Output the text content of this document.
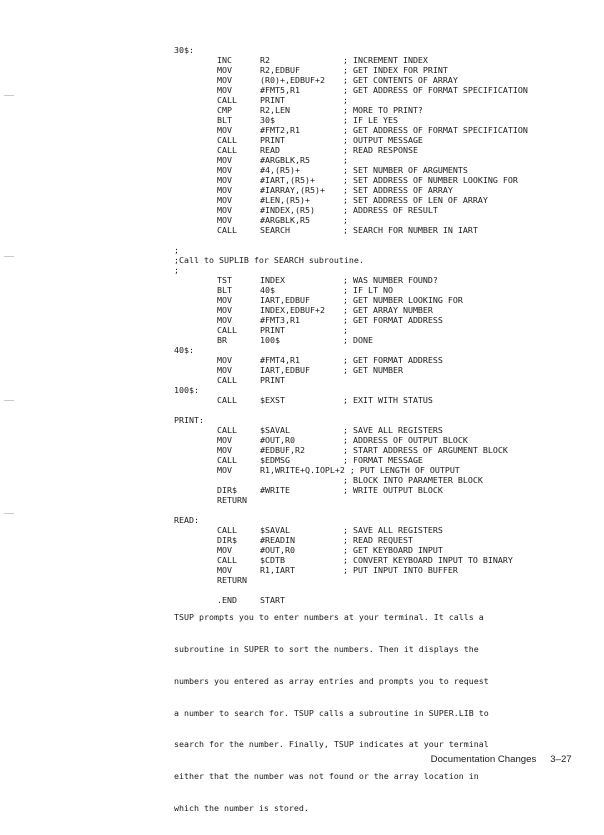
30$:
INC	R2	; INCREMENT INDEX
MOV	R2,EDBUF	; GET INDEX FOR PRINT
MOV	(R0)+,EDBUF+2 ; GET CONTENTS OF ARRAY
MOV	#FMT5,R1	; GET ADDRESS OF FORMAT SPECIFICATION
CALL	PRINT	;
CMP	R2,LEN	; MORE TO PRINT?
BLT	30$	; IF LE YES
MOV	#FMT2,R1	; GET ADDRESS OF FORMAT SPECIFICATION
CALL	PRINT	; OUTPUT MESSAGE
CALL	READ	; READ RESPONSE
MOV	#ARGBLK,R5	;
MOV	#4,(R5)+	; SET NUMBER OF ARGUMENTS
MOV	#IART,(R5)+	; SET ADDRESS OF NUMBER LOOKING FOR
MOV	#IARRAY,(R5)+ ; SET ADDRESS OF ARRAY
MOV	#LEN,(R5)+	; SET ADDRESS OF LEN OF ARRAY
MOV	#INDEX,(R5)	; ADDRESS OF RESULT
MOV	#ARGBLK,R5	;
CALL	SEARCH	; SEARCH FOR NUMBER IN IART
;
;Call to SUPLIB for SEARCH subroutine.
;
TST	INDEX	; WAS NUMBER FOUND?
BLT	40$	; IF LT NO
MOV	IART,EDBUF	; GET NUMBER LOOKING FOR
MOV	INDEX,EDBUF+2 ; GET ARRAY NUMBER
MOV	#FMT3,R1	; GET FORMAT ADDRESS
CALL	PRINT	;
BR	100$	; DONE
40$:
MOV	#FMT4,R1	; GET FORMAT ADDRESS
MOV	IART,EDBUF	; GET NUMBER
CALL	PRINT
100$:
CALL	$EXST	; EXIT WITH STATUS
PRINT:
CALL	$SAVAL	; SAVE ALL REGISTERS
MOV	#OUT,R0	; ADDRESS OF OUTPUT BLOCK
MOV	#EDBUF,R2	; START ADDRESS OF ARGUMENT BLOCK
CALL	$EDMSG	; FORMAT MESSAGE
MOV	R1,WRITE+Q.IOPL+2 ; PUT LENGTH OF OUTPUT
; BLOCK INTO PARAMETER BLOCK
DIR$	#WRITE	; WRITE OUTPUT BLOCK
RETURN
READ:
CALL	$SAVAL	; SAVE ALL REGISTERS
DIR$	#READIN	; READ REQUEST
MOV	#OUT,R0	; GET KEYBOARD INPUT
CALL	$CDTB	; CONVERT KEYBOARD INPUT TO BINARY
MOV	R1,IART	; PUT INPUT INTO BUFFER
RETURN
.END	START

TSUP prompts you to enter numbers at your terminal. It calls a

subroutine in SUPER to sort the numbers. Then it displays the

numbers you entered as array entries and prompts you to request

a number to search for. TSUP calls a subroutine in SUPER.LIB to

search for the number. Finally, TSUP indicates at your terminal

either that the number was not found or the array location in

which the number is stored.

Documentation Changes 3–27
